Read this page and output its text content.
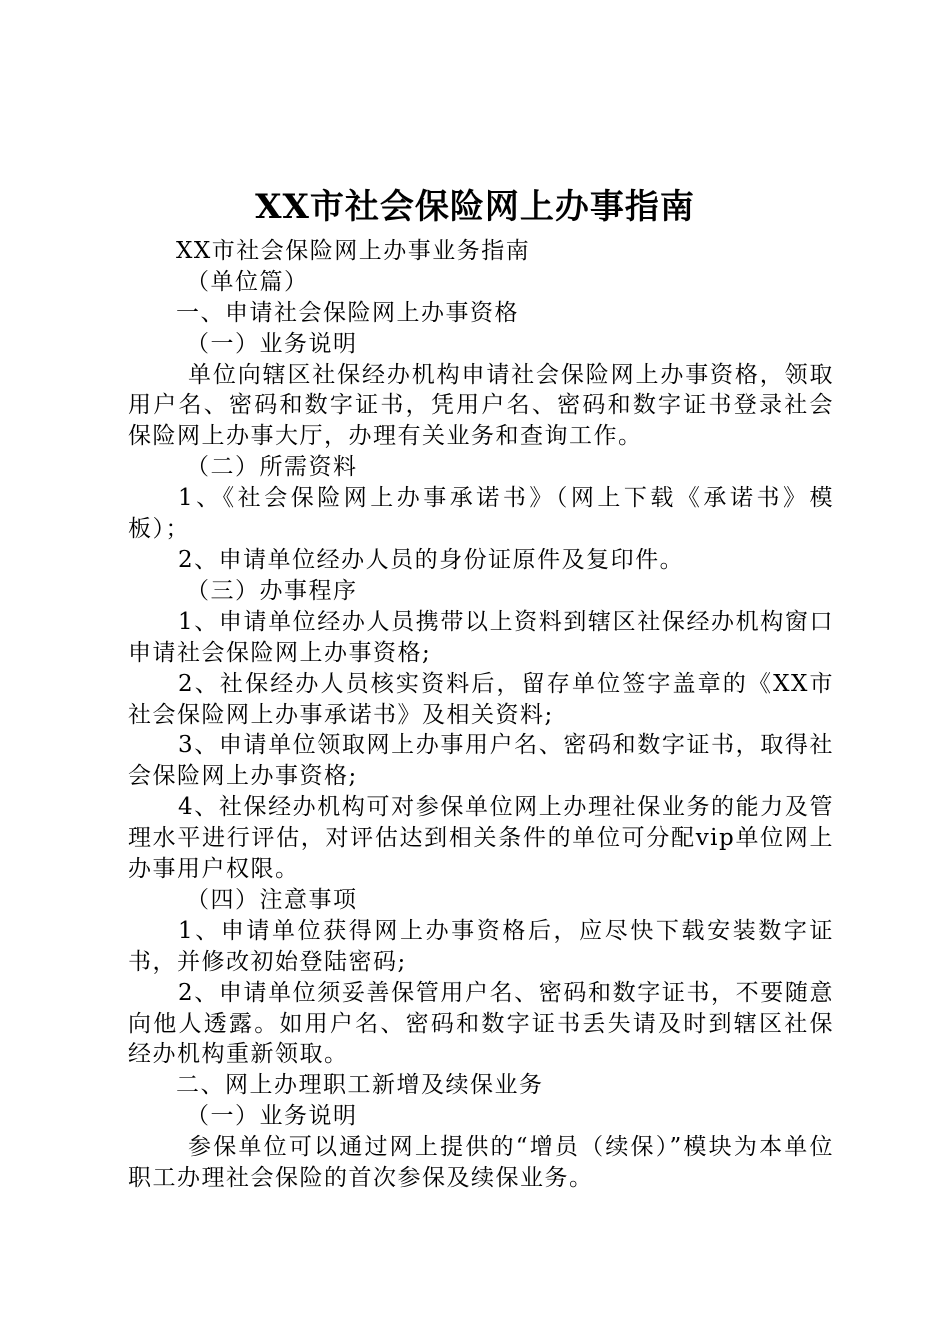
XX市社会保险网上办事指南
XX市社会保险网上办事业务指南
（单位篇）
一、申请社会保险网上办事资格
（一）业务说明

单位向辖区社保经办机构申请社会保险网上办事资格，领取用户名、密码和数字证书，凭用户名、密码和数字证书登录社会保险网上办事大厅，办理有关业务和查询工作。

（二）所需资料

1、《社会保险网上办事承诺书》（网上下载《承诺书》模板）；

2、申请单位经办人员的身份证原件及复印件。

（三）办事程序

1、申请单位经办人员携带以上资料到辖区社保经办机构窗口申请社会保险网上办事资格;

2、社保经办人员核实资料后，留存单位签字盖章的《XX市社会保险网上办事承诺书》及相关资料;

3、申请单位领取网上办事用户名、密码和数字证书，取得社会保险网上办事资格;

4、社保经办机构可对参保单位网上办理社保业务的能力及管理水平进行评估，对评估达到相关条件的单位可分配vip单位网上办事用户权限。

（四）注意事项

1、申请单位获得网上办事资格后，应尽快下载安装数字证书，并修改初始登陆密码;

2、申请单位须妥善保管用户名、密码和数字证书，不要随意向他人透露。如用户名、密码和数字证书丢失请及时到辖区社保经办机构重新领取。

二、网上办理职工新增及续保业务
（一）业务说明

参保单位可以通过网上提供的“增员（续保）”模块为本单位职工办理社会保险的首次参保及续保业务。
